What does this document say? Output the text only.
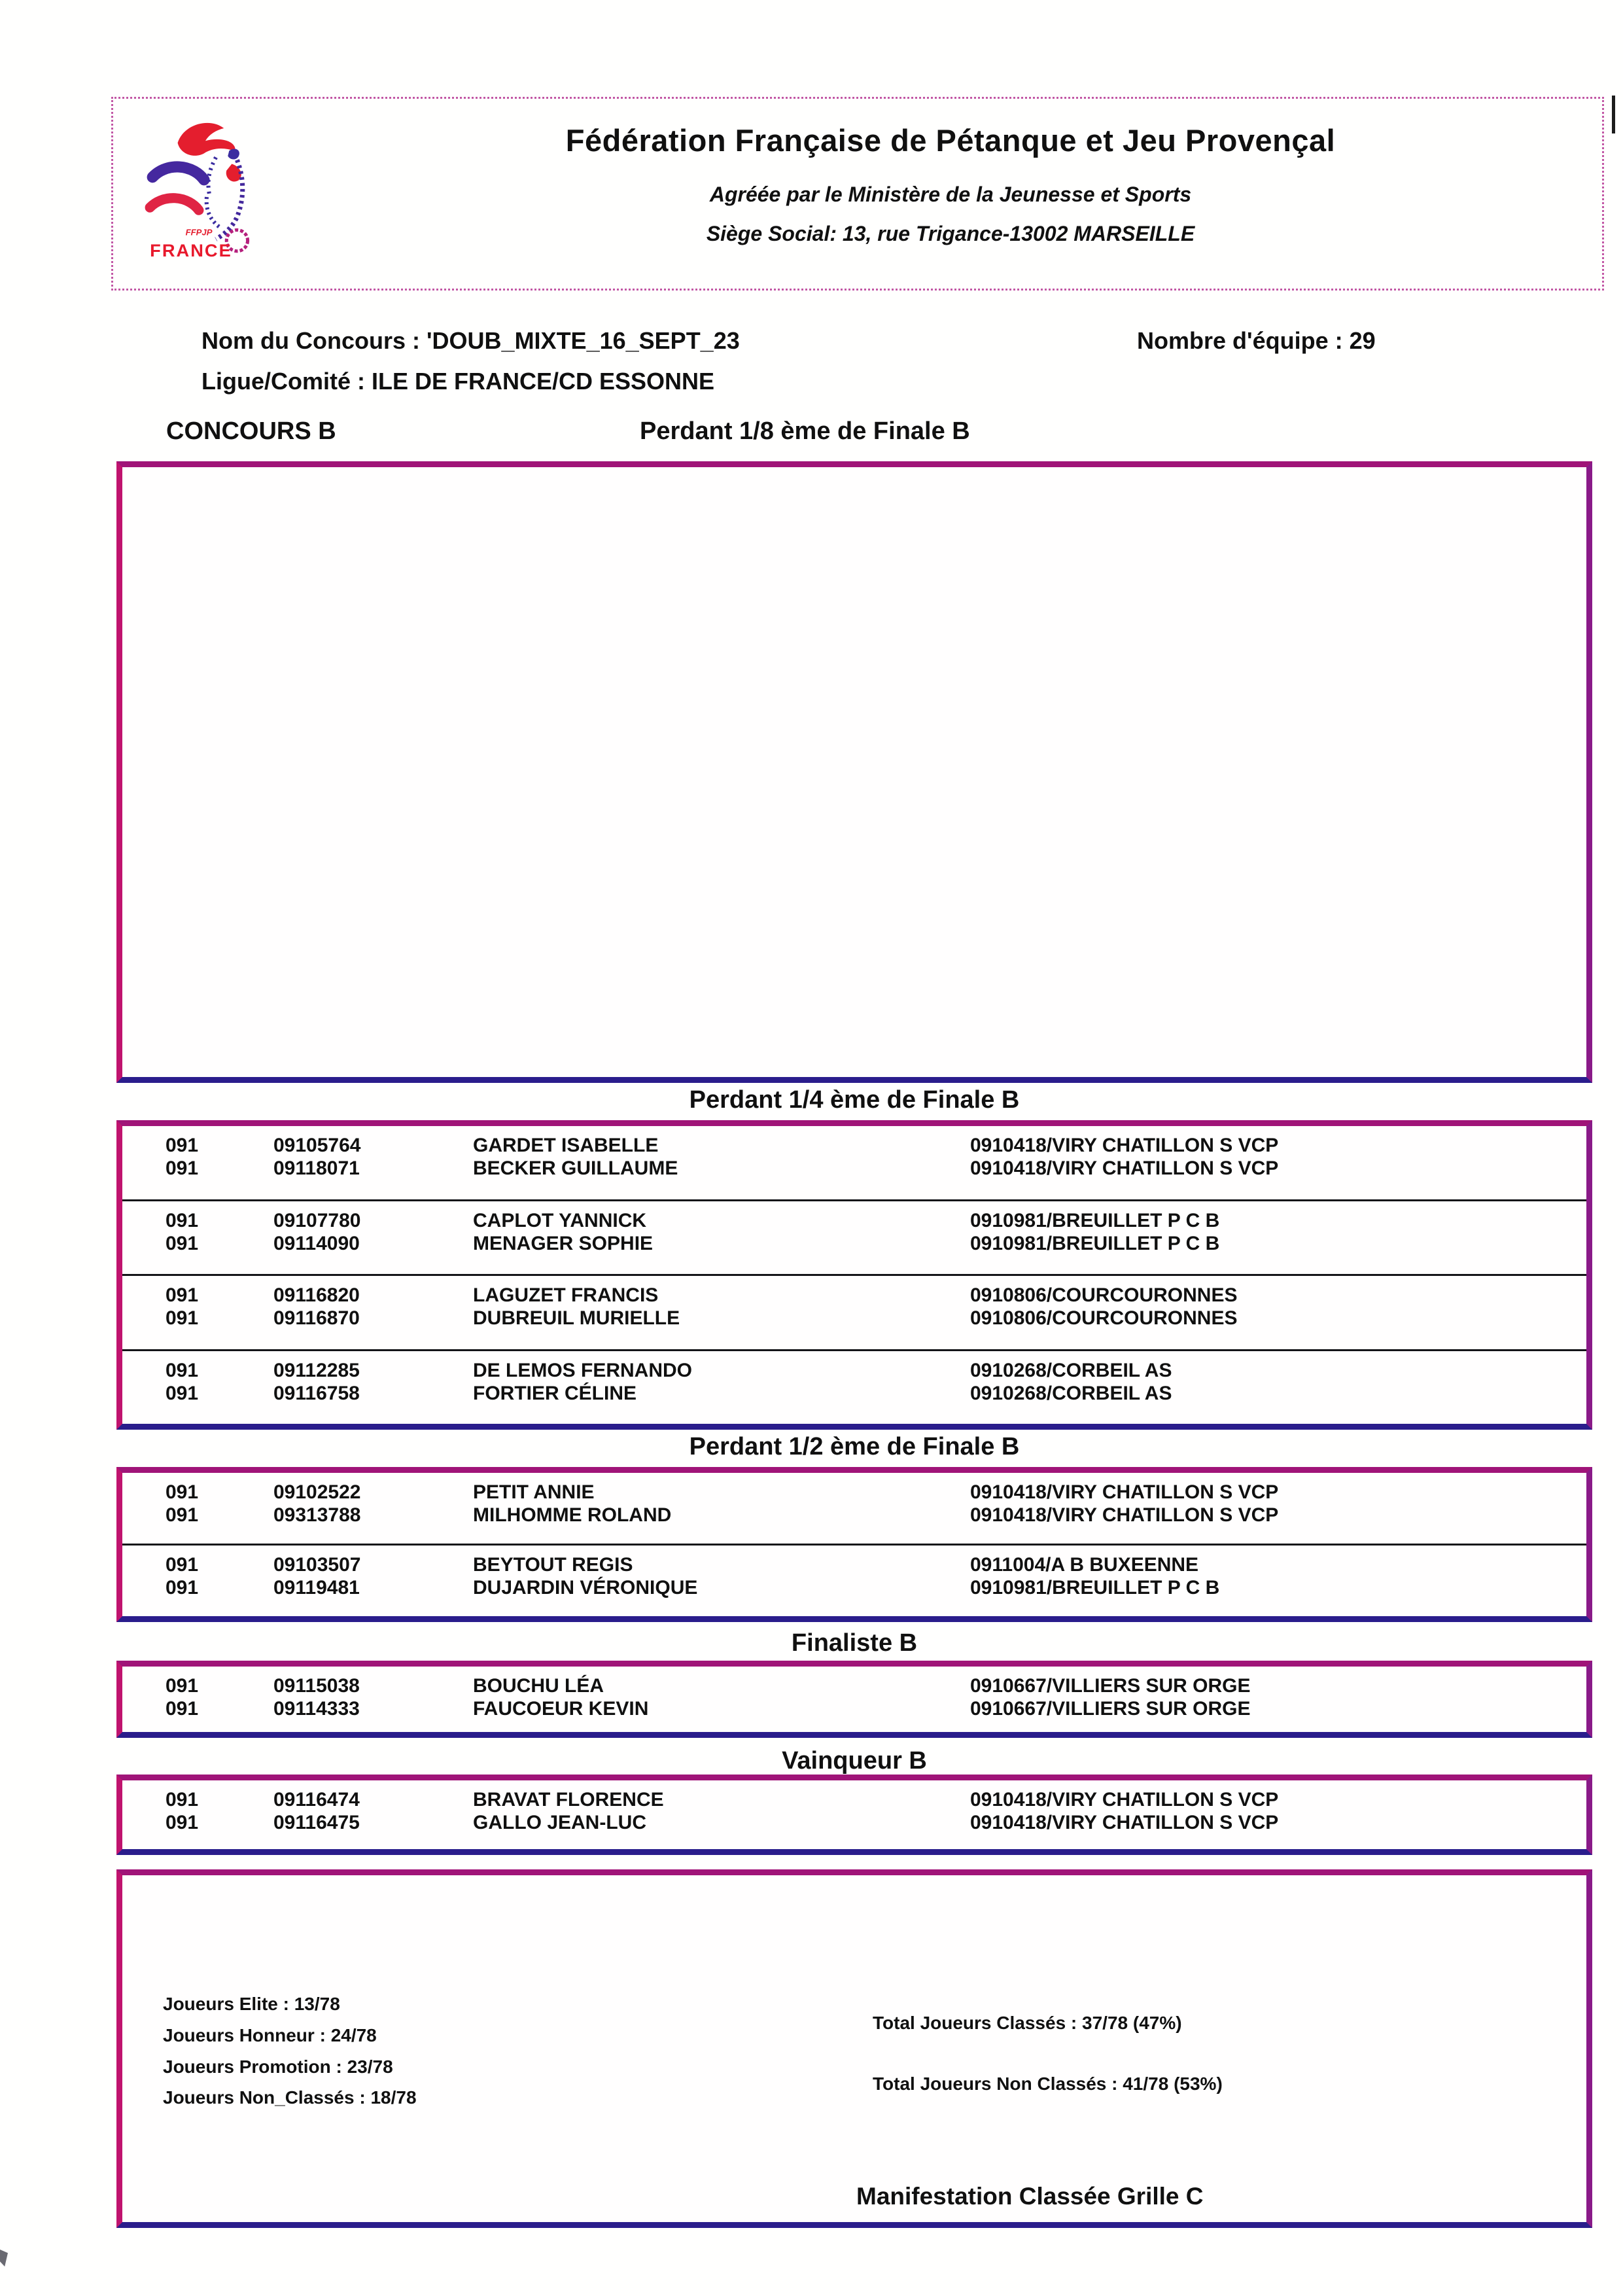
FFPJP
FRANCE
Fédération Française de Pétanque et Jeu Provençal
Agréée par le Ministère de la Jeunesse et Sports
Siège Social: 13, rue Trigance-13002 MARSEILLE
Nom du Concours : 'DOUB_MIXTE_16_SEPT_23	Nombre d'équipe : 29
Ligue/Comité : ILE DE FRANCE/CD ESSONNE
CONCOURS B	Perdant 1/8 ème de Finale B
Perdant 1/4 ème de Finale B
091	09105764	GARDET ISABELLE	0910418/VIRY CHATILLON S VCP
091	09118071	BECKER GUILLAUME	0910418/VIRY CHATILLON S VCP
091	09107780	CAPLOT YANNICK	0910981/BREUILLET P C B
091	09114090	MENAGER SOPHIE	0910981/BREUILLET P C B
091	09116820	LAGUZET FRANCIS	0910806/COURCOURONNES
091	09116870	DUBREUIL MURIELLE	0910806/COURCOURONNES
091	09112285	DE LEMOS FERNANDO	0910268/CORBEIL AS
091	09116758	FORTIER CÉLINE	0910268/CORBEIL AS
Perdant 1/2 ème de Finale B
091	09102522	PETIT ANNIE	0910418/VIRY CHATILLON S VCP
091	09313788	MILHOMME ROLAND	0910418/VIRY CHATILLON S VCP
091	09103507	BEYTOUT REGIS	0911004/A B BUXEENNE
091	09119481	DUJARDIN VÉRONIQUE	0910981/BREUILLET P C B
Finaliste B
091	09115038	BOUCHU LÉA	0910667/VILLIERS SUR ORGE
091	09114333	FAUCOEUR KEVIN	0910667/VILLIERS SUR ORGE
Vainqueur B
091	09116474	BRAVAT FLORENCE	0910418/VIRY CHATILLON S VCP
091	09116475	GALLO JEAN-LUC	0910418/VIRY CHATILLON S VCP
Joueurs Elite : 13/78
Joueurs Honneur : 24/78
Joueurs Promotion : 23/78
Joueurs Non_Classés : 18/78
Total Joueurs Classés : 37/78 (47%)
Total Joueurs Non Classés : 41/78 (53%)
Manifestation Classée Grille C
